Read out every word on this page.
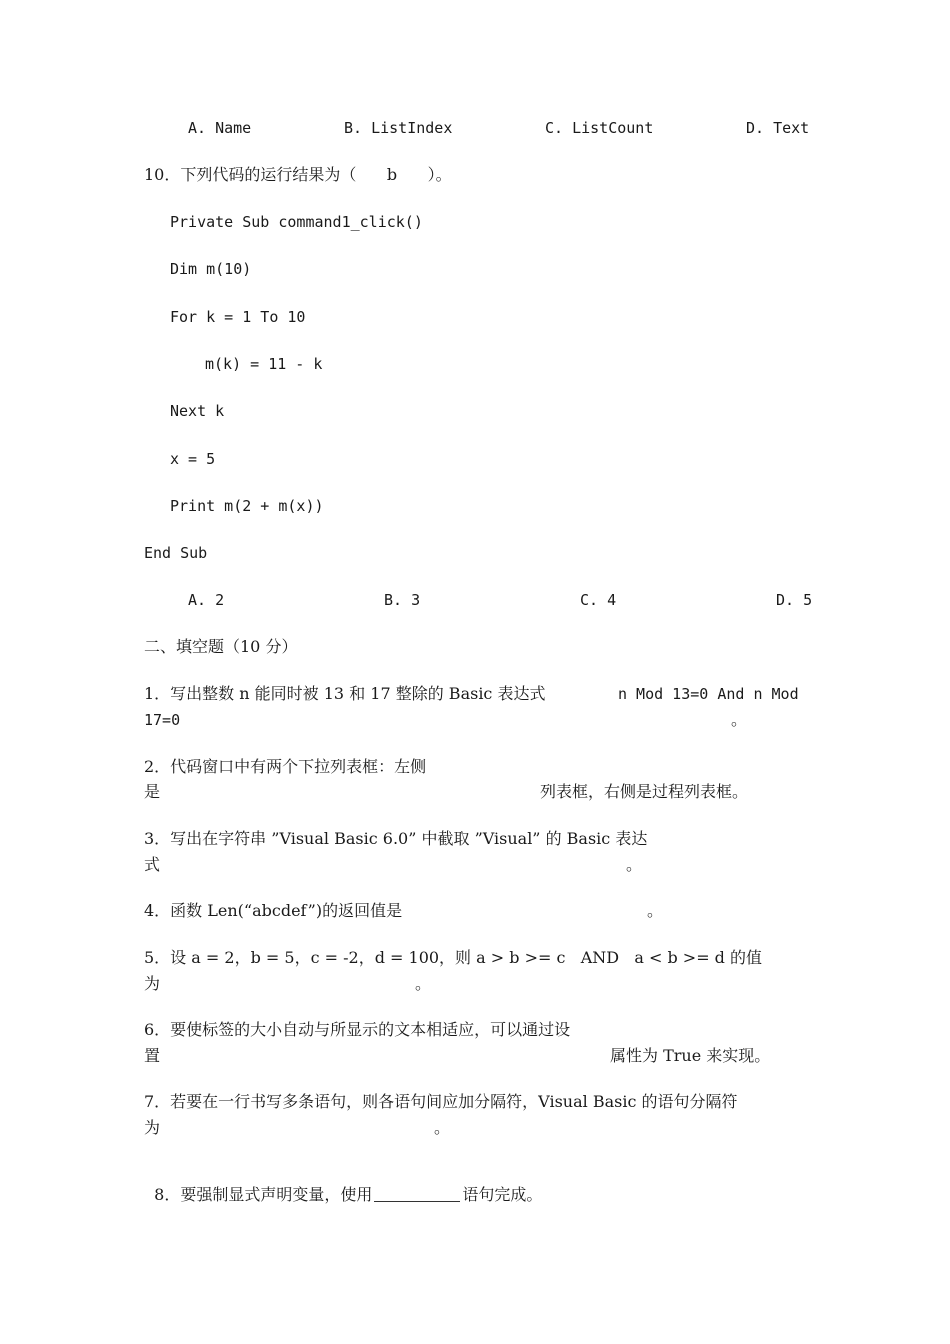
A. Name	B. ListIndex	C. ListCount	D. Text
10．下列代码的运行结果为（      b      ）。
Private Sub command1_click()
Dim m(10)
For k = 1 To 10
m(k) = 11 - k
Next k
x = 5
Print m(2 + m(x))
End Sub
A. 2	B. 3	C. 4	D. 5
二、填空题（10 分）
1．写出整数 n 能同时被 13 和 17 整除的 Basic 表达式	n Mod 13=0 And n Mod
17=0	。
2．代码窗口中有两个下拉列表框：左侧
是	列表框，右侧是过程列表框。
3．写出在字符串 ”Visual Basic 6.0” 中截取 ”Visual” 的 Basic 表达
式	。
4．函数 Len(“abcdef”)的返回值是	。
5．设 a = 2，b = 5，c = -2，d = 100，则 a > b >= c   AND   a < b >= d 的值
为	。
6．要使标签的大小自动与所显示的文本相适应，可以通过设
置	属性为 True 来实现。
7．若要在一行书写多条语句，则各语句间应加分隔符，Visual Basic 的语句分隔符
为	。

8．要强制显式声明变量，使用	语句完成。
